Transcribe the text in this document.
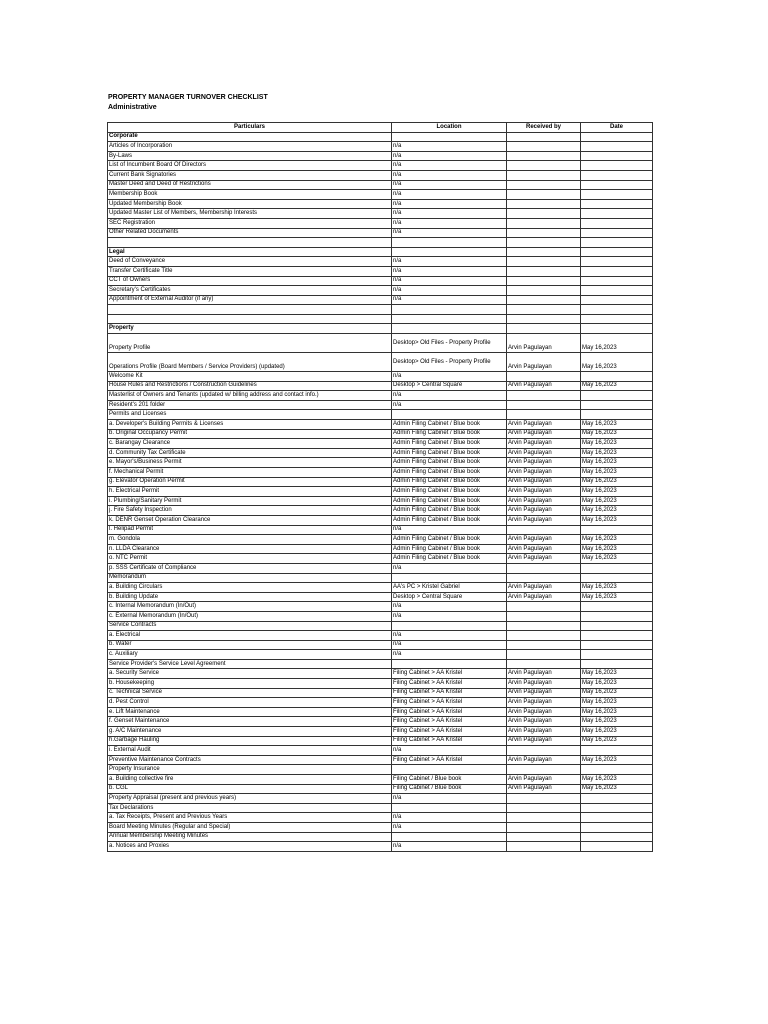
PROPERTY MANAGER TURNOVER CHECKLIST
Administrative
Particulars	Location	Received by	Date
Corporate			
Articles of Incorporation	n/a		
By-Laws	n/a		
List of Incumbent Board Of Directors	n/a		
Current Bank Signatories	n/a		
Master Deed and Deed of Restrictions	n/a		
Membership Book	n/a		
Updated Membership Book	n/a		
Updated Master List of Members, Membership Interests	n/a		
SEC Registration	n/a		
Other Related Documents	n/a		

Legal			
Deed of Conveyance	n/a		
Transfer Certificate Title	n/a		
CCT of Owners	n/a		
Secretary's Certificates	n/a		
Appointment of External Auditor (if any)	n/a		

Property			
Property Profile	Desktop> Old Files - Property Profile	Arvin Pagulayan	May 16,2023
Operations Profile (Board Members / Service Providers) (updated)	Desktop> Old Files - Property Profile	Arvin Pagulayan	May 16,2023
Welcome Kit	n/a		
House Rules and Restrictions / Construction Guidelines	Desktop > Central Square	Arvin Pagulayan	May 16,2023
Masterlist of Owners and Tenants (updated w/ billing address and contact info.)	n/a		
Resident's 201 folder	n/a		
Permits and Licenses			
a. Developer's Building Permits & Licenses	Admin Filing Cabinet / Blue book	Arvin Pagulayan	May 16,2023
b. Original Occupancy Permit	Admin Filing Cabinet / Blue book	Arvin Pagulayan	May 16,2023
c. Barangay Clearance	Admin Filing Cabinet / Blue book	Arvin Pagulayan	May 16,2023
d. Community Tax Certificate	Admin Filing Cabinet / Blue book	Arvin Pagulayan	May 16,2023
e. Mayor's/Business Permit	Admin Filing Cabinet / Blue book	Arvin Pagulayan	May 16,2023
f. Mechanical Permit	Admin Filing Cabinet / Blue book	Arvin Pagulayan	May 16,2023
g. Elevator Operation Permit	Admin Filing Cabinet / Blue book	Arvin Pagulayan	May 16,2023
h. Electrical Permit	Admin Filing Cabinet / Blue book	Arvin Pagulayan	May 16,2023
i. Plumbing/Sanitary Permit	Admin Filing Cabinet / Blue book	Arvin Pagulayan	May 16,2023
j. Fire Safety Inspection	Admin Filing Cabinet / Blue book	Arvin Pagulayan	May 16,2023
k. DENR Genset Operation Clearance	Admin Filing Cabinet / Blue book	Arvin Pagulayan	May 16,2023
l. Helipad Permit	n/a		
m. Gondola	Admin Filing Cabinet / Blue book	Arvin Pagulayan	May 16,2023
n. LLDA Clearance	Admin Filing Cabinet / Blue book	Arvin Pagulayan	May 16,2023
o. NTC Permit	Admin Filing Cabinet / Blue book	Arvin Pagulayan	May 16,2023
p. SSS Certificate of Compliance	n/a		
Memorandum			
a. Building Circulars	AA's PC > Kristel Gabriel	Arvin Pagulayan	May 16,2023
b. Building Update	Desktop > Central Square	Arvin Pagulayan	May 16,2023
c. Internal Memorandum (In/Out)	n/a		
c. External Memorandum (In/Out)	n/a		
Service Contracts			
a. Electrical	n/a		
b. Water	n/a		
c. Auxiliary	n/a		
Service Provider's Service Level Agreement			
a. Security Service	Filing Cabinet > AA Kristel	Arvin Pagulayan	May 16,2023
b. Housekeeping	Filing Cabinet > AA Kristel	Arvin Pagulayan	May 16,2023
c. Technical Service	Filing Cabinet > AA Kristel	Arvin Pagulayan	May 16,2023
d. Pest Control	Filing Cabinet > AA Kristel	Arvin Pagulayan	May 16,2023
e. Lift Maintenance	Filing Cabinet > AA Kristel	Arvin Pagulayan	May 16,2023
f. Genset Maintenance	Filing Cabinet > AA Kristel	Arvin Pagulayan	May 16,2023
g. A/C Maintenance	Filing Cabinet > AA Kristel	Arvin Pagulayan	May 16,2023
h.Garbage Hauling	Filing Cabinet > AA Kristel	Arvin Pagulayan	May 16,2023
i. External Audit	n/a		
Preventive Maintenance Contracts	Filing Cabinet > AA Kristel	Arvin Pagulayan	May 16,2023
Property Insurance			
a. Building collective fire	Filing Cabinet / Blue book	Arvin Pagulayan	May 16,2023
b. CGL	Filing Cabinet / Blue book	Arvin Pagulayan	May 16,2023
Property Appraisal (present and previous years)	n/a		
Tax Declarations			
a. Tax Receipts, Present and Previous Years	n/a		
Board Meeting Minutes (Regular and Special)	n/a		
Annual Membership Meeting Minutes			
a. Notices and Proxies	n/a		
